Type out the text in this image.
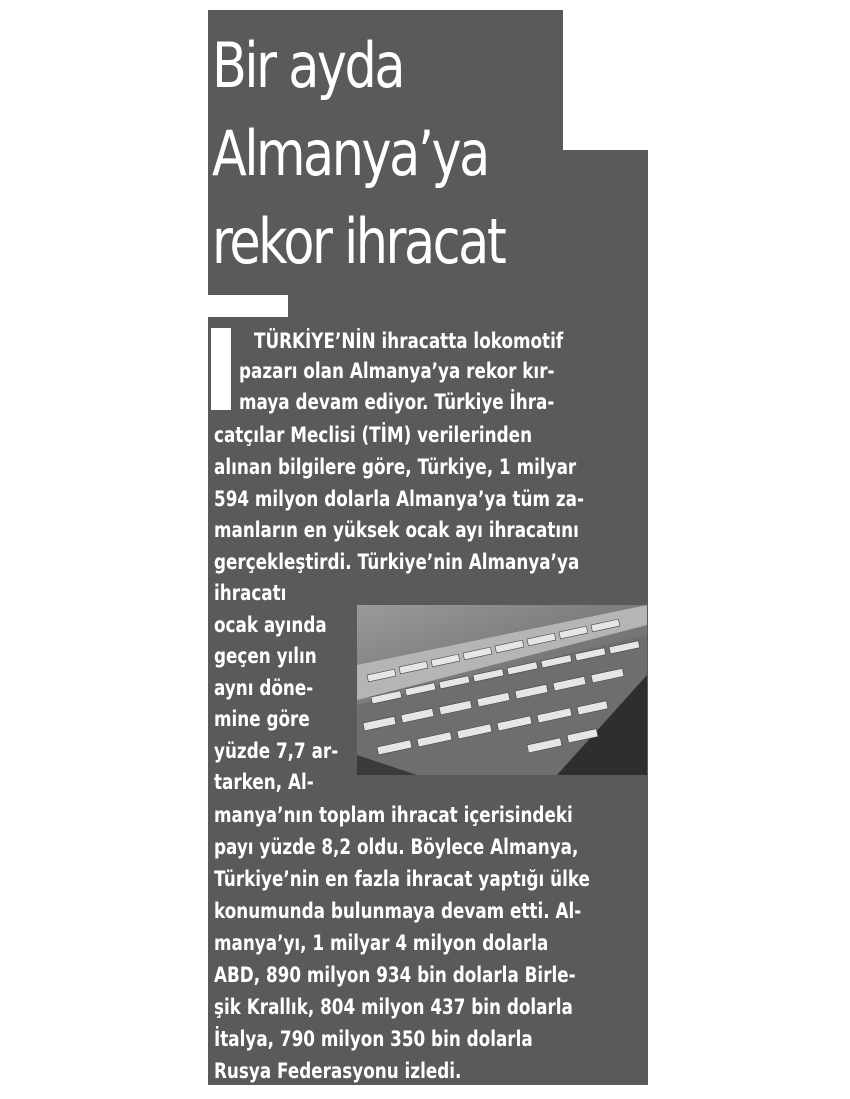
Bir ayda
Almanya’ya
rekor ihracat
TÜRKİYE’NİN ihracatta lokomotif
pazarı olan Almanya’ya rekor kır-
maya devam ediyor. Türkiye İhra-
catçılar Meclisi (TİM) verilerinden
alınan bilgilere göre, Türkiye, 1 milyar
594 milyon dolarla Almanya’ya tüm za-
manların en yüksek ocak ayı ihracatını
gerçekleştirdi. Türkiye’nin Almanya’ya
ihracatı
ocak ayında
geçen yılın
aynı döne-
mine göre
yüzde 7,7 ar-
tarken, Al-
manya’nın toplam ihracat içerisindeki
payı yüzde 8,2 oldu. Böylece Almanya,
Türkiye’nin en fazla ihracat yaptığı ülke
konumunda bulunmaya devam etti. Al-
manya’yı, 1 milyar 4 milyon dolarla
ABD, 890 milyon 934 bin dolarla Birle-
şik Krallık, 804 milyon 437 bin dolarla
İtalya, 790 milyon 350 bin dolarla
Rusya Federasyonu izledi.
